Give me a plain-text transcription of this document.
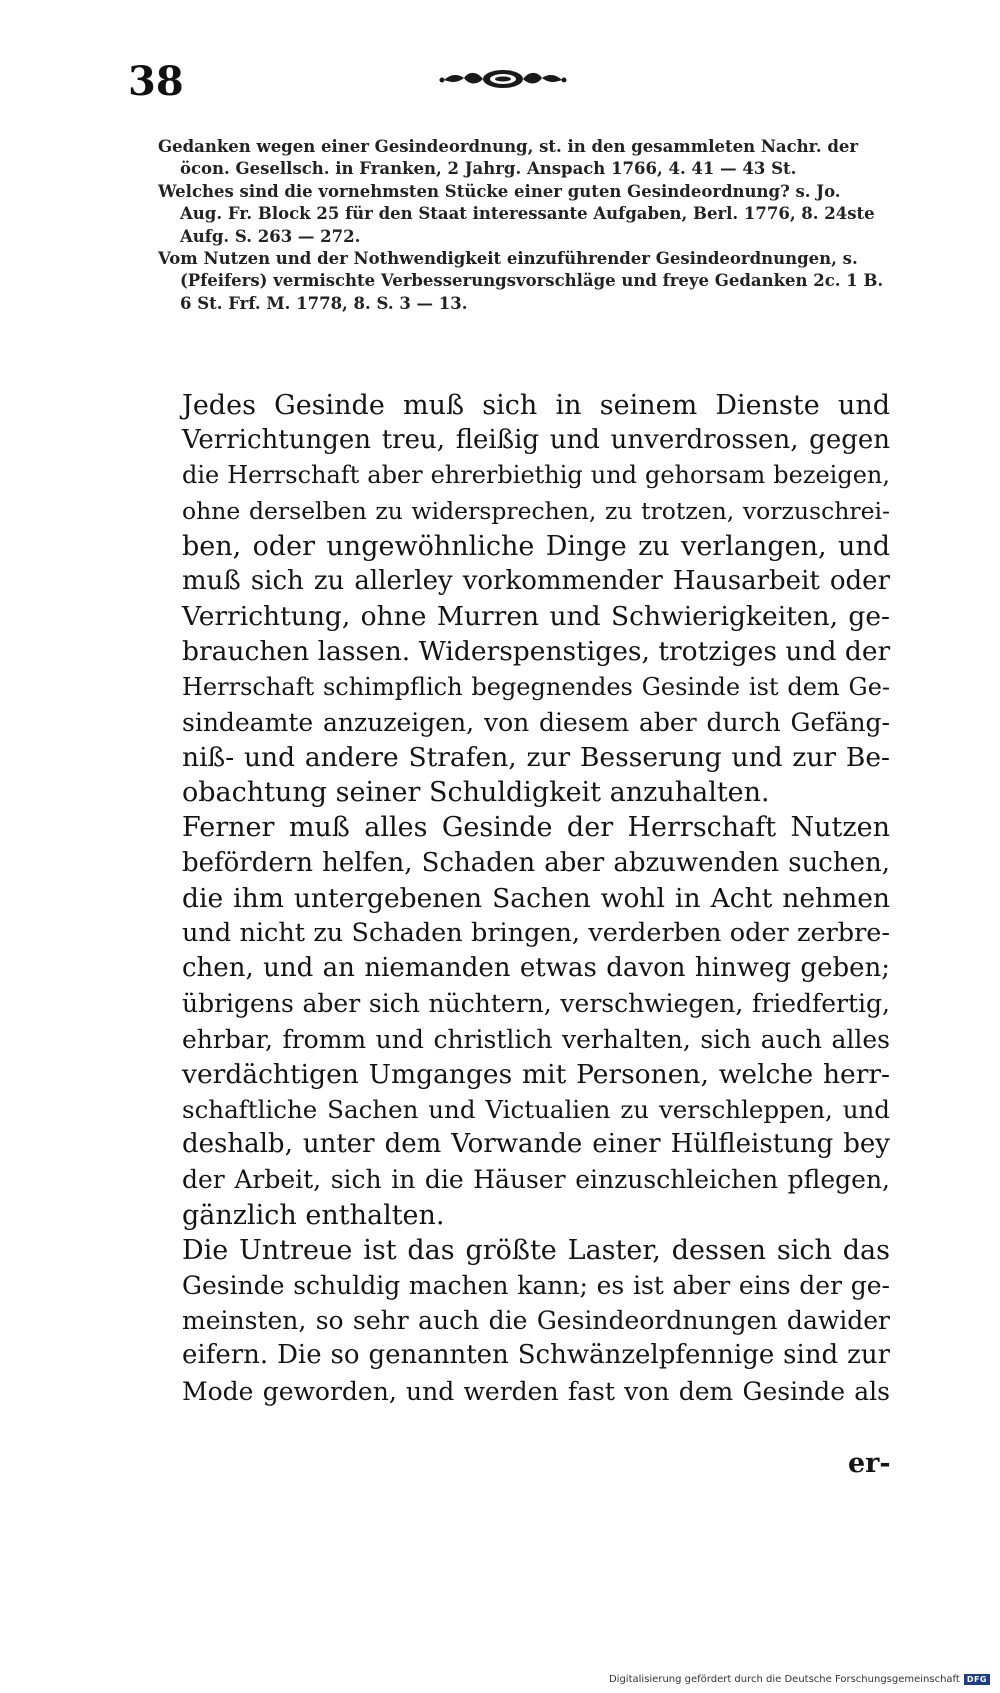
38

Gedanken wegen einer Gesindeordnung, st. in den gesammleten Nachr. der öcon. Gesellsch. in Franken, 2 Jahrg. Anspach 1766, 4. 41 — 43 St.

Welches sind die vornehmsten Stücke einer guten Gesindeordnung? s. Jo. Aug. Fr. Block 25 für den Staat interessante Aufgaben, Berl. 1776, 8. 24ste Aufg. S. 263 — 272.

Vom Nutzen und der Nothwendigkeit einzuführender Gesindeordnungen, s. (Pfeifers) vermischte Verbesserungsvorschläge und freye Gedanken 2c. 1 B. 6 St. Frf. M. 1778, 8. S. 3 — 13.

Jedes Gesinde muß sich in seinem Dienste und
Verrichtungen treu, fleißig und unverdrossen, gegen
die Herrschaft aber ehrerbiethig und gehorsam bezeigen,
ohne derselben zu widersprechen, zu trotzen, vorzuschrei-
ben, oder ungewöhnliche Dinge zu verlangen, und
muß sich zu allerley vorkommender Hausarbeit oder
Verrichtung, ohne Murren und Schwierigkeiten, ge-
brauchen lassen. Widerspenstiges, trotziges und der
Herrschaft schimpflich begegnendes Gesinde ist dem Ge-
sindeamte anzuzeigen, von diesem aber durch Gefäng-
niß- und andere Strafen, zur Besserung und zur Be-
obachtung seiner Schuldigkeit anzuhalten.

Ferner muß alles Gesinde der Herrschaft Nutzen
befördern helfen, Schaden aber abzuwenden suchen,
die ihm untergebenen Sachen wohl in Acht nehmen
und nicht zu Schaden bringen, verderben oder zerbre-
chen, und an niemanden etwas davon hinweg geben;
übrigens aber sich nüchtern, verschwiegen, friedfertig,
ehrbar, fromm und christlich verhalten, sich auch alles
verdächtigen Umganges mit Personen, welche herr-
schaftliche Sachen und Victualien zu verschleppen, und
deshalb, unter dem Vorwande einer Hülfleistung bey
der Arbeit, sich in die Häuser einzuschleichen pflegen,
gänzlich enthalten.

Die Untreue ist das größte Laster, dessen sich das
Gesinde schuldig machen kann; es ist aber eins der ge-
meinsten, so sehr auch die Gesindeordnungen dawider
eifern. Die so genannten Schwänzelpfennige sind zur
Mode geworden, und werden fast von dem Gesinde als

er-
Digitalisierung gefördert durch die Deutsche Forschungsgemeinschaft DFG
